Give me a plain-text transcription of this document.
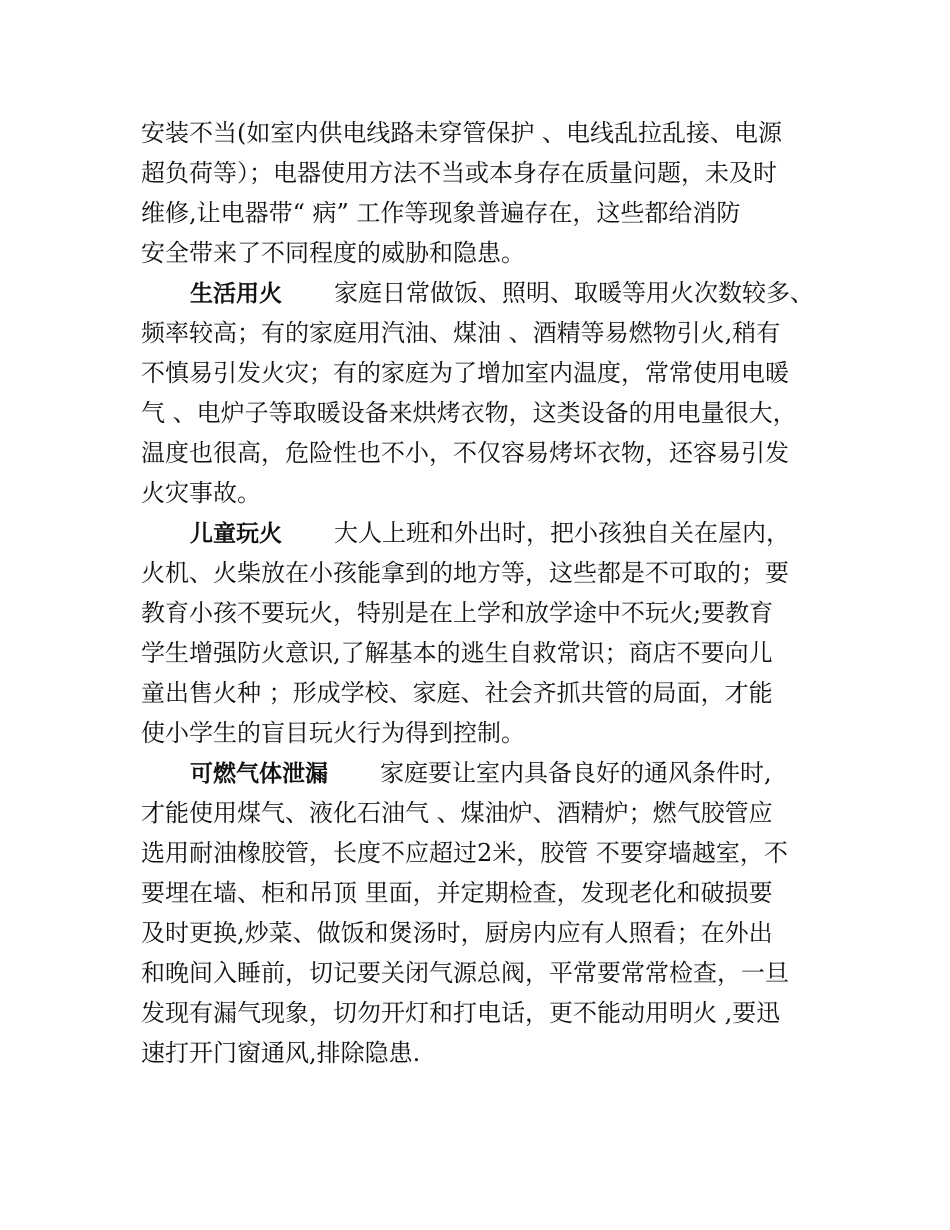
安装不当(如室内供电线路未穿管保护 、电线乱拉乱接、电源
超负荷等）；电器使用方法不当或本身存在质量问题，未及时
维修,让电器带“ 病” 工作等现象普遍存在，这些都给消防
安全带来了不同程度的威胁和隐患。
生活用火 家庭日常做饭、照明、取暖等用火次数较多、
频率较高；有的家庭用汽油、煤油 、酒精等易燃物引火,稍有
不慎易引发火灾；有的家庭为了增加室内温度，常常使用电暖
气 、电炉子等取暖设备来烘烤衣物，这类设备的用电量很大，
温度也很高，危险性也不小，不仅容易烤坏衣物，还容易引发
火灾事故。
儿童玩火 大人上班和外出时，把小孩独自关在屋内，
火机、火柴放在小孩能拿到的地方等，这些都是不可取的；要
教育小孩不要玩火，特别是在上学和放学途中不玩火;要教育
学生增强防火意识,了解基本的逃生自救常识；商店不要向儿
童出售火种 ；形成学校、家庭、社会齐抓共管的局面，才能
使小学生的盲目玩火行为得到控制。
可燃气体泄漏 家庭要让室内具备良好的通风条件时,
才能使用煤气、液化石油气 、煤油炉、酒精炉；燃气胶管应
选用耐油橡胶管，长度不应超过2米，胶管 不要穿墙越室，不
要埋在墙、柜和吊顶 里面，并定期检查，发现老化和破损要
及时更换,炒菜、做饭和煲汤时，厨房内应有人照看；在外出
和晚间入睡前，切记要关闭气源总阀，平常要常常检查，一旦
发现有漏气现象，切勿开灯和打电话，更不能动用明火 ,要迅
速打开门窗通风,排除隐患.
